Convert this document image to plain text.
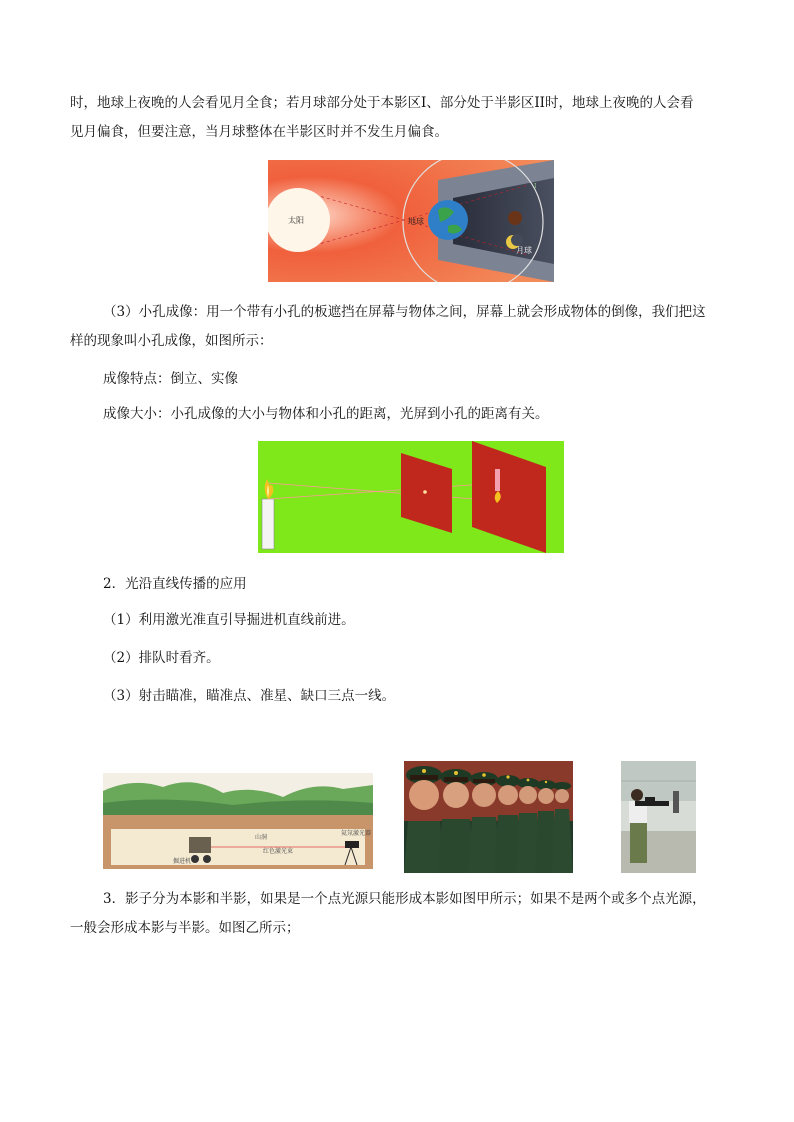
时，地球上夜晚的人会看见月全食；若月球部分处于本影区I、部分处于半影区II时，地球上夜晚的人会看
见月偏食，但要注意，当月球整体在半影区时并不发生月偏食。
太阳	地球
月球
I
（3）小孔成像：用一个带有小孔的板遮挡在屏幕与物体之间，屏幕上就会形成物体的倒像，我们把这
样的现象叫小孔成像，如图所示：
成像特点：倒立、实像
成像大小：小孔成像的大小与物体和小孔的距离，光屏到小孔的距离有关。
2．光沿直线传播的应用
（1）利用激光准直引导掘进机直线前进。
（2）排队时看齐。
（3）射击瞄准，瞄准点、准星、缺口三点一线。
山洞
氦氖激光器
红色激光束
掘进机
3．影子分为本影和半影，如果是一个点光源只能形成本影如图甲所示；如果不是两个或多个点光源，
一般会形成本影与半影。如图乙所示；
